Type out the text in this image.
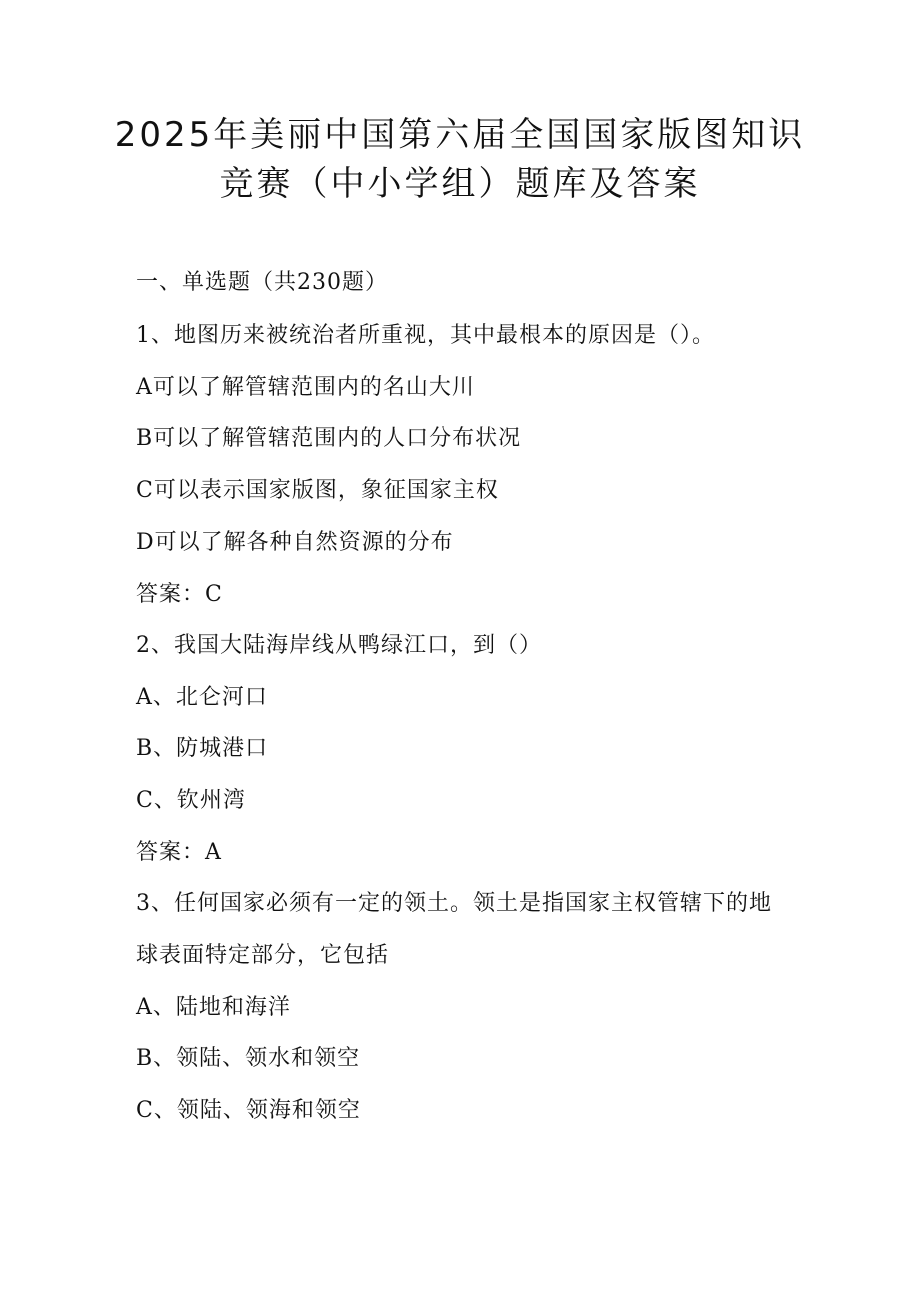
2025年美丽中国第六届全国国家版图知识
竞赛（中小学组）题库及答案
一、单选题（共230题）
1、地图历来被统治者所重视，其中最根本的原因是（）。
A可以了解管辖范围内的名山大川
B可以了解管辖范围内的人口分布状况
C可以表示国家版图，象征国家主权
D可以了解各种自然资源的分布
答案：C
2、我国大陆海岸线从鸭绿江口，到（）
A、北仑河口
B、防城港口
C、钦州湾
答案：A
3、任何国家必须有一定的领土。领土是指国家主权管辖下的地
球表面特定部分，它包括
A、陆地和海洋
B、领陆、领水和领空
C、领陆、领海和领空
